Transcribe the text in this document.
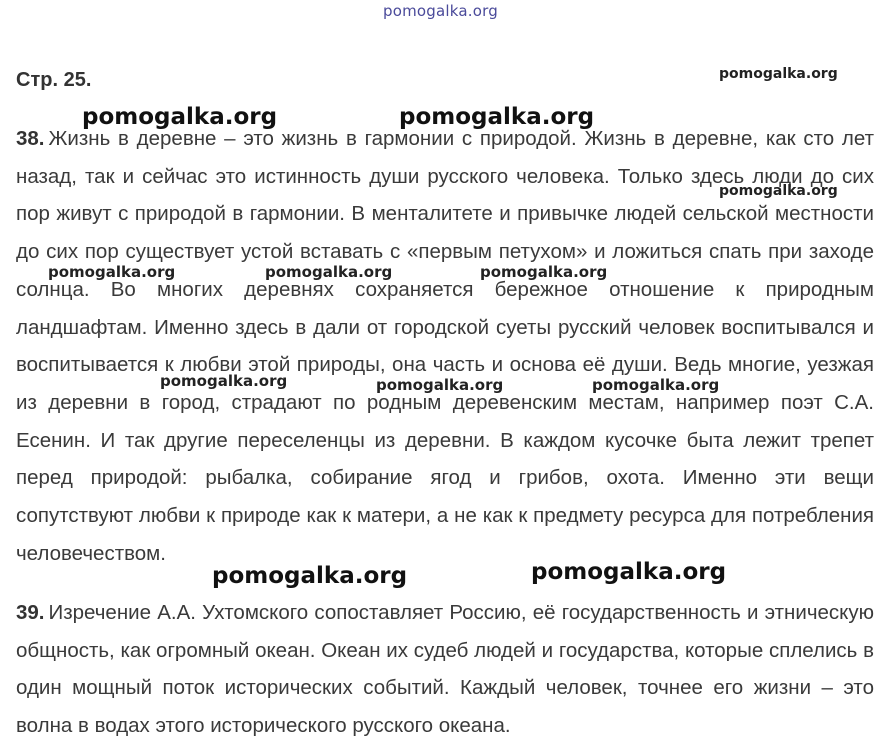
38. Жизнь в деревне – это жизнь в гармонии с природой. Жизнь в деревне, как сто лет назад, так и сейчас это истинность души русского человека. Только здесь люди до сих пор живут с природой в гармонии. В менталитете и привычке людей сельской местности до сих пор существует устой вставать с «первым петухом» и ложиться спать при заходе солнца. Во многих деревнях сохраняется бережное отношение к природным ландшафтам. Именно здесь в дали от городской суеты русский человек воспитывался и воспитывается к любви этой природы, она часть и основа её души. Ведь многие, уезжая из деревни в город, страдают по родным деревенским местам, например поэт С.А. Есенин. И так другие переселенцы из деревни. В каждом кусочке быта лежит трепет перед природой: рыбалка, собирание ягод и грибов, охота. Именно эти вещи сопутствуют любви к природе как к матери, а не как к предмету ресурса для потребления человечеством.

39. Изречение А.А. Ухтомского сопоставляет Россию, её государственность и этническую общность, как огромный океан. Океан их судеб людей и государства, которые сплелись в один мощный поток исторических событий. Каждый человек, точнее его жизни – это волна в водах этого исторического русского океана.

Стр. 25.
pomogalka.org
pomogalka.org
pomogalka.org	pomogalka.org
pomogalka.org
pomogalka.org	pomogalka.org	pomogalka.org
pomogalka.org	pomogalka.org	pomogalka.org
pomogalka.org	pomogalka.org
